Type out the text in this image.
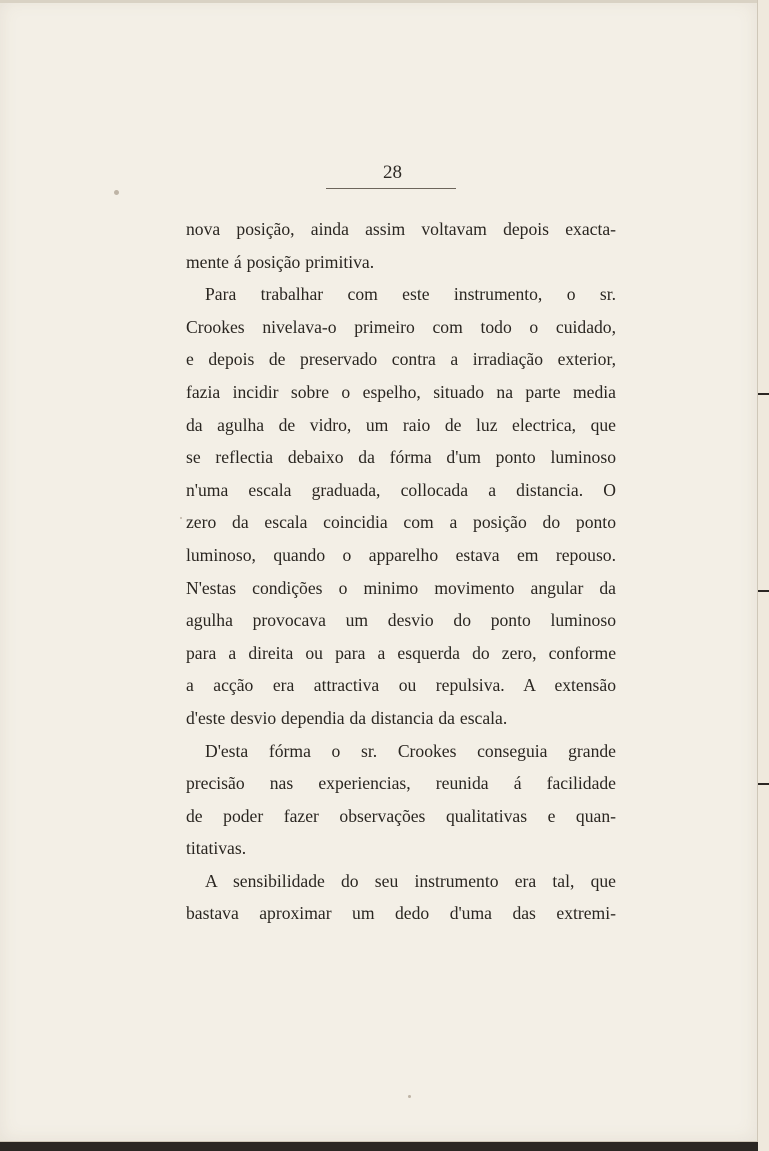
28
nova posição, ainda assim voltavam depois exacta-
mente á posição primitiva.
Para trabalhar com este instrumento, o sr.
Crookes nivelava-o primeiro com todo o cuidado,
e depois de preservado contra a irradiação exterior,
fazia incidir sobre o espelho, situado na parte media
da agulha de vidro, um raio de luz electrica, que
se reflectia debaixo da fórma d'um ponto luminoso
n'uma escala graduada, collocada a distancia. O
zero da escala coincidia com a posição do ponto
luminoso, quando o apparelho estava em repouso.
N'estas condições o minimo movimento angular da
agulha provocava um desvio do ponto luminoso
para a direita ou para a esquerda do zero, conforme
a acção era attractiva ou repulsiva. A extensão
d'este desvio dependia da distancia da escala.
D'esta fórma o sr. Crookes conseguia grande
precisão nas experiencias, reunida á facilidade
de poder fazer observações qualitativas e quan-
titativas.
A sensibilidade do seu instrumento era tal, que
bastava aproximar um dedo d'uma das extremi-
